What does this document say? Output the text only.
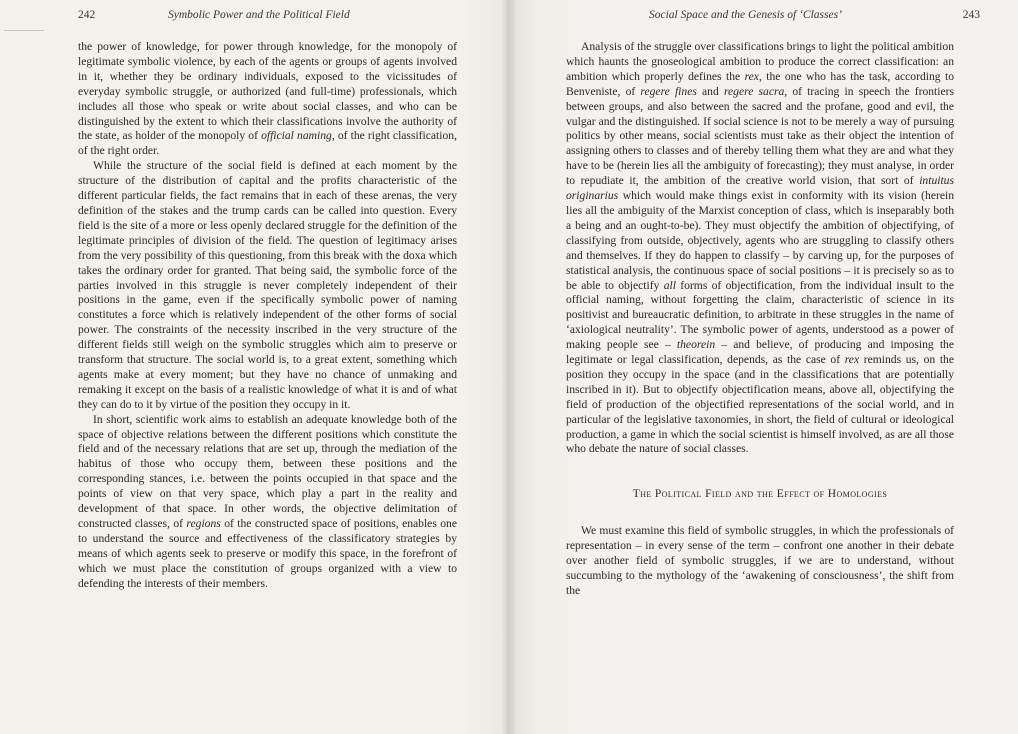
242	Symbolic Power and the Political Field

the power of knowledge, for power through knowledge, for the monopoly of legitimate symbolic violence, by each of the agents or groups of agents involved in it, whether they be ordinary individuals, exposed to the vicissitudes of everyday symbolic struggle, or authorized (and full-time) professionals, which includes all those who speak or write about social classes, and who can be distinguished by the extent to which their classifications involve the authority of the state, as holder of the monopoly of official naming, of the right classification, of the right order.

While the structure of the social field is defined at each moment by the structure of the distribution of capital and the profits characteristic of the different particular fields, the fact remains that in each of these arenas, the very definition of the stakes and the trump cards can be called into question. Every field is the site of a more or less openly declared struggle for the definition of the legitimate principles of division of the field. The question of legitimacy arises from the very possibility of this questioning, from this break with the doxa which takes the ordinary order for granted. That being said, the symbolic force of the parties involved in this struggle is never completely independent of their positions in the game, even if the specifically symbolic power of naming constitutes a force which is relatively independent of the other forms of social power. The constraints of the necessity inscribed in the very structure of the different fields still weigh on the symbolic struggles which aim to preserve or transform that structure. The social world is, to a great extent, something which agents make at every moment; but they have no chance of unmaking and remaking it except on the basis of a realistic knowledge of what it is and of what they can do to it by virtue of the position they occupy in it.

In short, scientific work aims to establish an adequate knowledge both of the space of objective relations between the different positions which constitute the field and of the necessary relations that are set up, through the mediation of the habitus of those who occupy them, between these positions and the corresponding stances, i.e. between the points occupied in that space and the points of view on that very space, which play a part in the reality and development of that space. In other words, the objective delimitation of constructed classes, of regions of the constructed space of positions, enables one to understand the source and effectiveness of the classificatory strategies by means of which agents seek to preserve or modify this space, in the forefront of which we must place the constitution of groups organized with a view to defending the interests of their members.

Social Space and the Genesis of ‘Classes’	243

Analysis of the struggle over classifications brings to light the political ambition which haunts the gnoseological ambition to produce the correct classification: an ambition which properly defines the rex, the one who has the task, according to Benveniste, of regere fines and regere sacra, of tracing in speech the frontiers between groups, and also between the sacred and the profane, good and evil, the vulgar and the distinguished. If social science is not to be merely a way of pursuing politics by other means, social scientists must take as their object the intention of assigning others to classes and of thereby telling them what they are and what they have to be (herein lies all the ambiguity of forecasting); they must analyse, in order to repudiate it, the ambition of the creative world vision, that sort of intuitus originarius which would make things exist in conformity with its vision (herein lies all the ambiguity of the Marxist conception of class, which is inseparably both a being and an ought-to-be). They must objectify the ambition of objectifying, of classifying from outside, objectively, agents who are struggling to classify others and themselves. If they do happen to classify – by carving up, for the purposes of statistical analysis, the continuous space of social positions – it is precisely so as to be able to objectify all forms of objectification, from the individual insult to the official naming, without forgetting the claim, characteristic of science in its positivist and bureaucratic definition, to arbitrate in these struggles in the name of ‘axiological neutrality’. The symbolic power of agents, understood as a power of making people see – theorein – and believe, of producing and imposing the legitimate or legal classification, depends, as the case of rex reminds us, on the position they occupy in the space (and in the classifications that are potentially inscribed in it). But to objectify objectification means, above all, objectifying the field of production of the objectified representations of the social world, and in particular of the legislative taxonomies, in short, the field of cultural or ideological production, a game in which the social scientist is himself involved, as are all those who debate the nature of social classes.

The Political Field and the Effect of Homologies

We must examine this field of symbolic struggles, in which the professionals of representation – in every sense of the term – confront one another in their debate over another field of symbolic struggles, if we are to understand, without succumbing to the mythology of the ‘awakening of consciousness’, the shift from the
